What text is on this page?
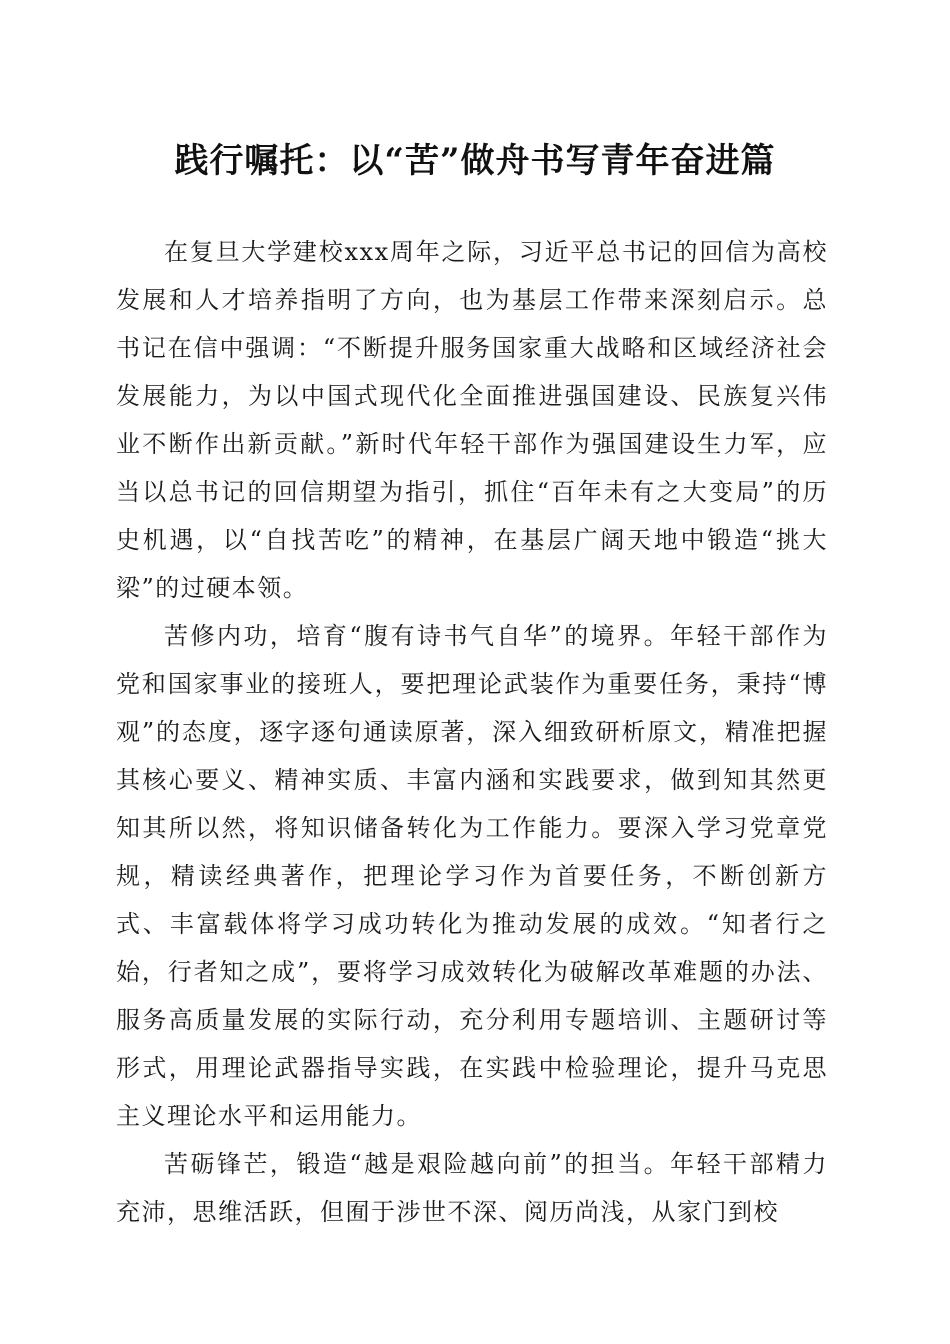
践行嘱托：以“苦”做舟书写青年奋进篇

在复旦大学建校xxx周年之际，习近平总书记的回信为高校发展和人才培养指明了方向，也为基层工作带来深刻启示。总书记在信中强调：“不断提升服务国家重大战略和区域经济社会发展能力，为以中国式现代化全面推进强国建设、民族复兴伟业不断作出新贡献。”新时代年轻干部作为强国建设生力军，应当以总书记的回信期望为指引，抓住“百年未有之大变局”的历史机遇，以“自找苦吃”的精神，在基层广阔天地中锻造“挑大梁”的过硬本领。

苦修内功，培育“腹有诗书气自华”的境界。年轻干部作为党和国家事业的接班人，要把理论武装作为重要任务，秉持“博观”的态度，逐字逐句通读原著，深入细致研析原文，精准把握其核心要义、精神实质、丰富内涵和实践要求，做到知其然更知其所以然，将知识储备转化为工作能力。要深入学习党章党规，精读经典著作，把理论学习作为首要任务，不断创新方式、丰富载体将学习成功转化为推动发展的成效。“知者行之始，行者知之成”，要将学习成效转化为破解改革难题的办法、服务高质量发展的实际行动，充分利用专题培训、主题研讨等形式，用理论武器指导实践，在实践中检验理论，提升马克思主义理论水平和运用能力。

苦砺锋芒，锻造“越是艰险越向前”的担当。年轻干部精力充沛，思维活跃，但囿于涉世不深、阅历尚浅，从家门到校
